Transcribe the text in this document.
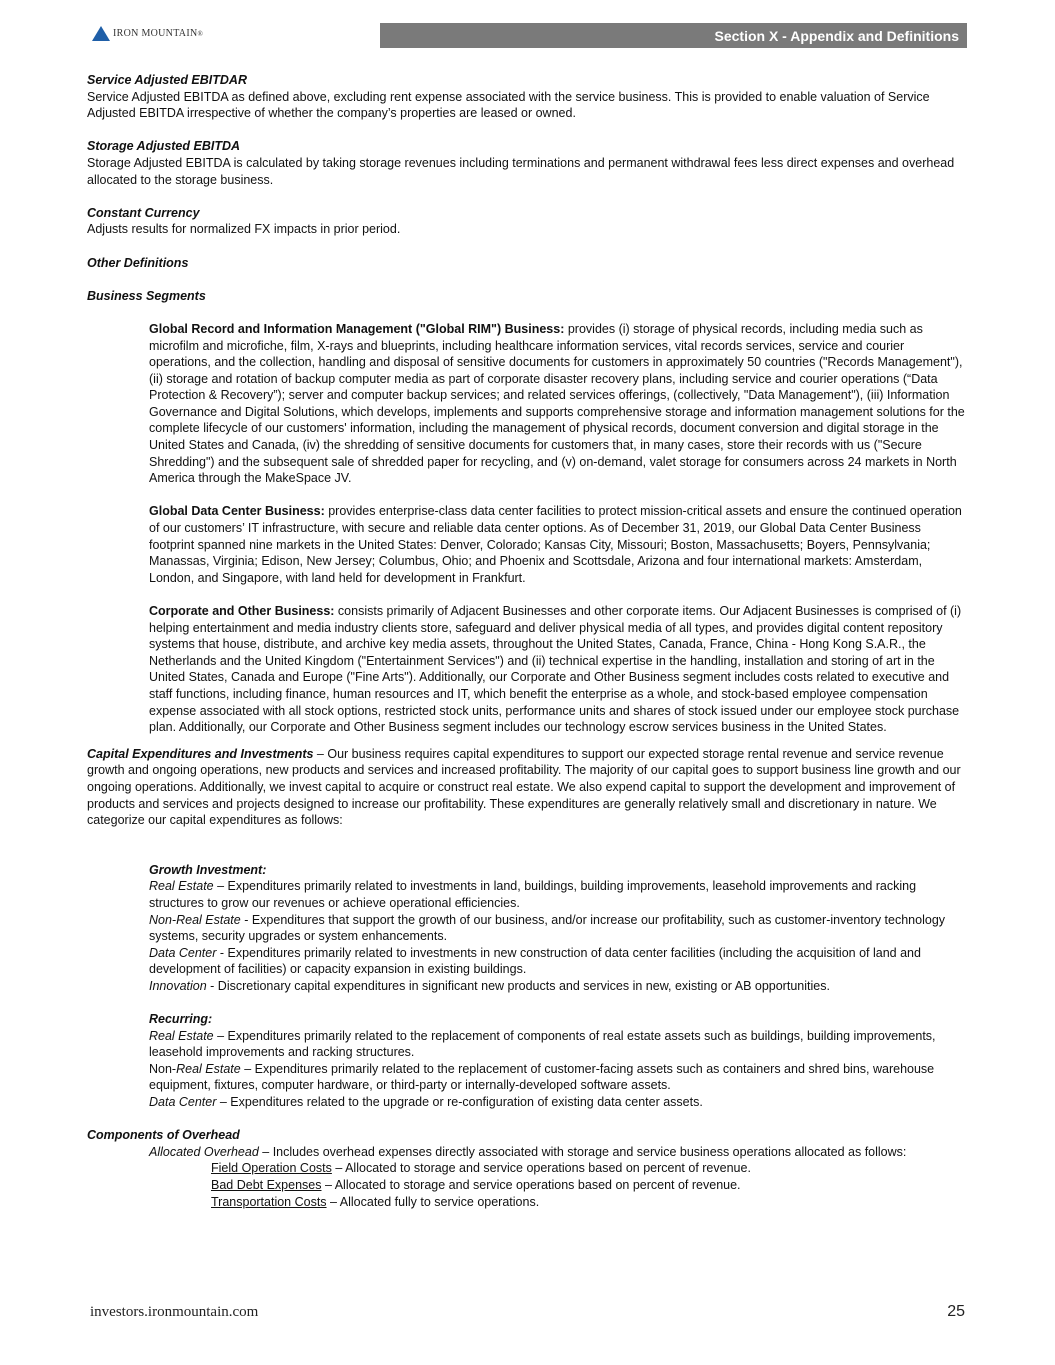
IRON MOUNTAIN ®	Section X - Appendix and Definitions
Service Adjusted EBITDAR
Service Adjusted EBITDA as defined above, excluding rent expense associated with the service business. This is provided to enable valuation of Service Adjusted EBITDA irrespective of whether the company’s properties are leased or owned.
Storage Adjusted EBITDA
Storage Adjusted EBITDA is calculated by taking storage revenues including terminations and permanent withdrawal fees less direct expenses and overhead allocated to the storage business.
Constant Currency
Adjusts results for normalized FX impacts in prior period.
Other Definitions
Business Segments
Global Record and Information Management ("Global RIM") Business: provides (i) storage of physical records, including media such as microfilm and microfiche, film, X-rays and blueprints, including healthcare information services, vital records services, service and courier operations, and the collection, handling and disposal of sensitive documents for customers in approximately 50 countries ("Records Management"), (ii) storage and rotation of backup computer media as part of corporate disaster recovery plans, including service and courier operations (“Data Protection & Recovery”); server and computer backup services; and related services offerings, (collectively, "Data Management"), (iii) Information Governance and Digital Solutions, which develops, implements and supports comprehensive storage and information management solutions for the complete lifecycle of our customers' information, including the management of physical records, document conversion and digital storage in the United States and Canada, (iv) the shredding of sensitive documents for customers that, in many cases, store their records with us ("Secure Shredding") and the subsequent sale of shredded paper for recycling, and (v) on-demand, valet storage for consumers across 24 markets in North America through the MakeSpace JV.
Global Data Center Business: provides enterprise-class data center facilities to protect mission-critical assets and ensure the continued operation of our customers’ IT infrastructure, with secure and reliable data center options. As of December 31, 2019, our Global Data Center Business footprint spanned nine markets in the United States: Denver, Colorado; Kansas City, Missouri; Boston, Massachusetts; Boyers, Pennsylvania; Manassas, Virginia; Edison, New Jersey; Columbus, Ohio; and Phoenix and Scottsdale, Arizona and four international markets: Amsterdam, London, and Singapore, with land held for development in Frankfurt.
Corporate and Other Business: consists primarily of Adjacent Businesses and other corporate items. Our Adjacent Businesses is comprised of (i) helping entertainment and media industry clients store, safeguard and deliver physical media of all types, and provides digital content repository systems that house, distribute, and archive key media assets, throughout the United States, Canada, France, China - Hong Kong S.A.R., the Netherlands and the United Kingdom ("Entertainment Services") and (ii) technical expertise in the handling, installation and storing of art in the United States, Canada and Europe ("Fine Arts"). Additionally, our Corporate and Other Business segment includes costs related to executive and staff functions, including finance, human resources and IT, which benefit the enterprise as a whole, and stock-based employee compensation expense associated with all stock options, restricted stock units, performance units and shares of stock issued under our employee stock purchase plan. Additionally, our Corporate and Other Business segment includes our technology escrow services business in the United States.
Capital Expenditures and Investments – Our business requires capital expenditures to support our expected storage rental revenue and service revenue growth and ongoing operations, new products and services and increased profitability. The majority of our capital goes to support business line growth and our ongoing operations. Additionally, we invest capital to acquire or construct real estate. We also expend capital to support the development and improvement of products and services and projects designed to increase our profitability. These expenditures are generally relatively small and discretionary in nature. We categorize our capital expenditures as follows:
Growth Investment:
Real Estate – Expenditures primarily related to investments in land, buildings, building improvements, leasehold improvements and racking structures to grow our revenues or achieve operational efficiencies.
Non-Real Estate - Expenditures that support the growth of our business, and/or increase our profitability, such as customer-inventory technology systems, security upgrades or system enhancements.
Data Center - Expenditures primarily related to investments in new construction of data center facilities (including the acquisition of land and development of facilities) or capacity expansion in existing buildings.
Innovation - Discretionary capital expenditures in significant new products and services in new, existing or AB opportunities.
Recurring:
Real Estate – Expenditures primarily related to the replacement of components of real estate assets such as buildings, building improvements, leasehold improvements and racking structures.
Non-Real Estate – Expenditures primarily related to the replacement of customer-facing assets such as containers and shred bins, warehouse equipment, fixtures, computer hardware, or third-party or internally-developed software assets.
Data Center – Expenditures related to the upgrade or re-configuration of existing data center assets.
Components of Overhead
Allocated Overhead – Includes overhead expenses directly associated with storage and service business operations allocated as follows:
Field Operation Costs – Allocated to storage and service operations based on percent of revenue.
Bad Debt Expenses – Allocated to storage and service operations based on percent of revenue.
Transportation Costs – Allocated fully to service operations.
investors.ironmountain.com	25
